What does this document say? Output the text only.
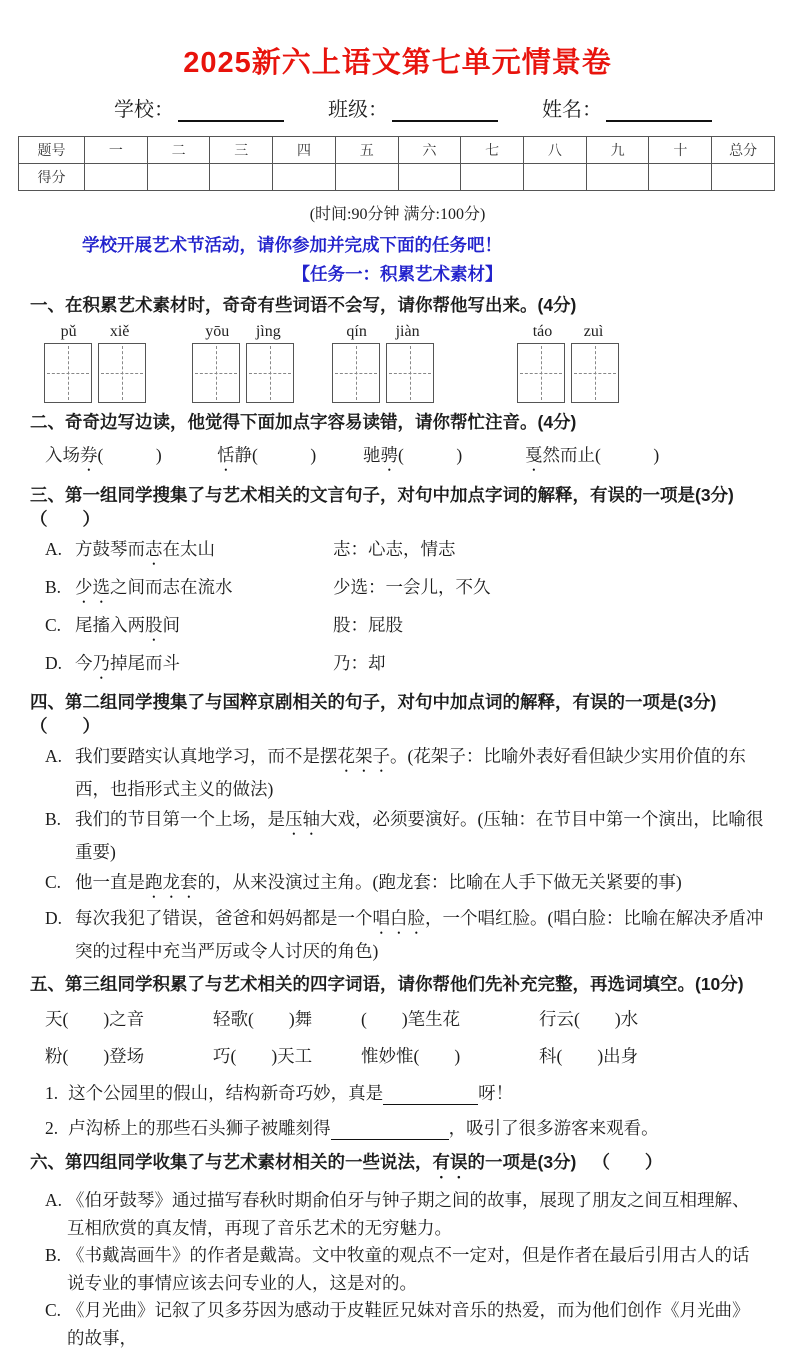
2025新六上语文第七单元情景卷
学校：	班级：	姓名：
题号	一	二	三	四	五	六	七	八	九	十	总分
得分											
(时间:90分钟 满分:100分)
学校开展艺术节活动，请你参加并完成下面的任务吧！
【任务一：积累艺术素材】
一、在积累艺术素材时，奇奇有些词语不会写，请你帮他写出来。(4分)
pǔ xiě	yōu jìng	qín jiàn	táo zuì
二、奇奇边写边读，他觉得下面加点字容易读错，请你帮忙注音。(4分)
入场券(　　　)	恬静(　　　)	驰骋(　　　)	戛然而止(　　　)
三、第一组同学搜集了与艺术相关的文言句子，对句中加点字词的解释，有误的一项是(3分)（　　）
A. 方鼓琴而志在太山	志：心志，情志
B. 少选之间而志在流水	少选：一会儿，不久
C. 尾搐入两股间	股：屁股
D. 今乃掉尾而斗	乃：却
四、第二组同学搜集了与国粹京剧相关的句子，对句中加点词的解释，有误的一项是(3分)（　　）
A. 我们要踏实认真地学习，而不是摆花架子。(花架子：比喻外表好看但缺少实用价值的东西，也指形式主义的做法)
B. 我们的节目第一个上场，是压轴大戏，必须要演好。(压轴：在节目中第一个演出，比喻很重要)
C. 他一直是跑龙套的，从来没演过主角。(跑龙套：比喻在人手下做无关紧要的事)
D. 每次我犯了错误，爸爸和妈妈都是一个唱白脸，一个唱红脸。(唱白脸：比喻在解决矛盾冲突的过程中充当严厉或令人讨厌的角色)
五、第三组同学积累了与艺术相关的四字词语，请你帮他们先补充完整，再选词填空。(10分)
天(　　)之音	轻歌(　　)舞	(　　)笔生花	行云(　　)水
粉(　　)登场	巧(　　)天工	惟妙惟(　　)	科(　　)出身
1. 这个公园里的假山，结构新奇巧妙，真是	呀！
2. 卢沟桥上的那些石头狮子被雕刻得	，吸引了很多游客来观看。
六、第四组同学收集了与艺术素材相关的一些说法，有误的一项是(3分) （　　）
A. 《伯牙鼓琴》通过描写春秋时期俞伯牙与钟子期之间的故事，展现了朋友之间互相理解、互相欣赏的真友情，再现了音乐艺术的无穷魅力。
B. 《书戴嵩画牛》的作者是戴嵩。文中牧童的观点不一定对，但是作者在最后引用古人的话说专业的事情应该去问专业的人，这是对的。
C. 《月光曲》记叙了贝多芬因为感动于皮鞋匠兄妹对音乐的热爱，而为他们创作《月光曲》的故事，
